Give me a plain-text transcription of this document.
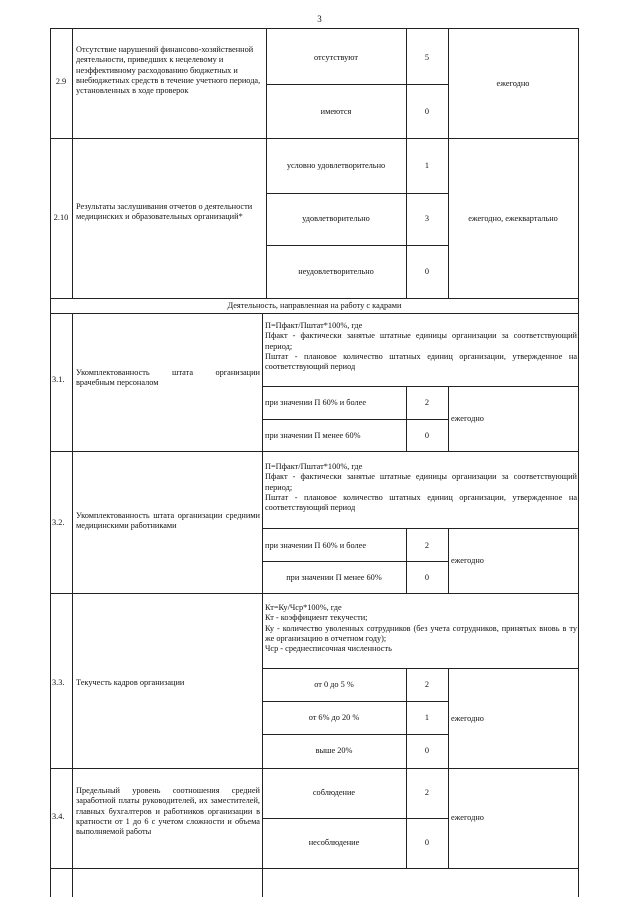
3
2.9
Отсутствие нарушений финансово-хозяйственной деятельности, приведших к нецелевому и неэффективному расходованию бюджетных и внебюджетных средств в течение учетного периода, установленных в ходе проверок
отсутствуют	5
имеются	0
ежегодно
2.10
Результаты заслушивания отчетов о деятельности медицинских и образовательных организаций*
условно удовлетворительно	1
удовлетворительно	3
неудовлетворительно	0
ежегодно, ежеквартально
Деятельность, направленная на работу с кадрами
3.1.
Укомплектованность штата организации врачебным персоналом
П=Пфакт/Пштат*100%, где
Пфакт - фактически занятые штатные единицы организации за соответствующий период;
Пштат - плановое количество штатных единиц организации, утвержденное на соответствующий период
при значении П 60% и более	2
при значении П менее 60%	0
ежегодно
3.2.
Укомплектованность штата организации средними медицинскими работниками
П=Пфакт/Пштат*100%, где
Пфакт - фактически занятые штатные единицы организации за соответствующий период;
Пштат - плановое количество штатных единиц организации, утвержденное на соответствующий период
при значении П 60% и более	2
при значении П менее 60%	0
ежегодно
3.3.	Текучесть кадров организации
Кт=Ку/Чср*100%, где
Кт - коэффициент текучести;
Ку - количество уволенных сотрудников (без учета сотрудников, принятых вновь в ту же организацию в отчетном году);
Чср - среднесписочная численность
от 0 до 5 %	2
от 6% до 20 %	1
выше 20%	0
ежегодно
3.4.
Предельный уровень соотношения средней заработной платы руководителей, их заместителей, главных бухгалтеров и работников организации в кратности от 1 до 6 с учетом сложности и объема выполняемой работы
соблюдение	2
несоблюдение	0
ежегодно
